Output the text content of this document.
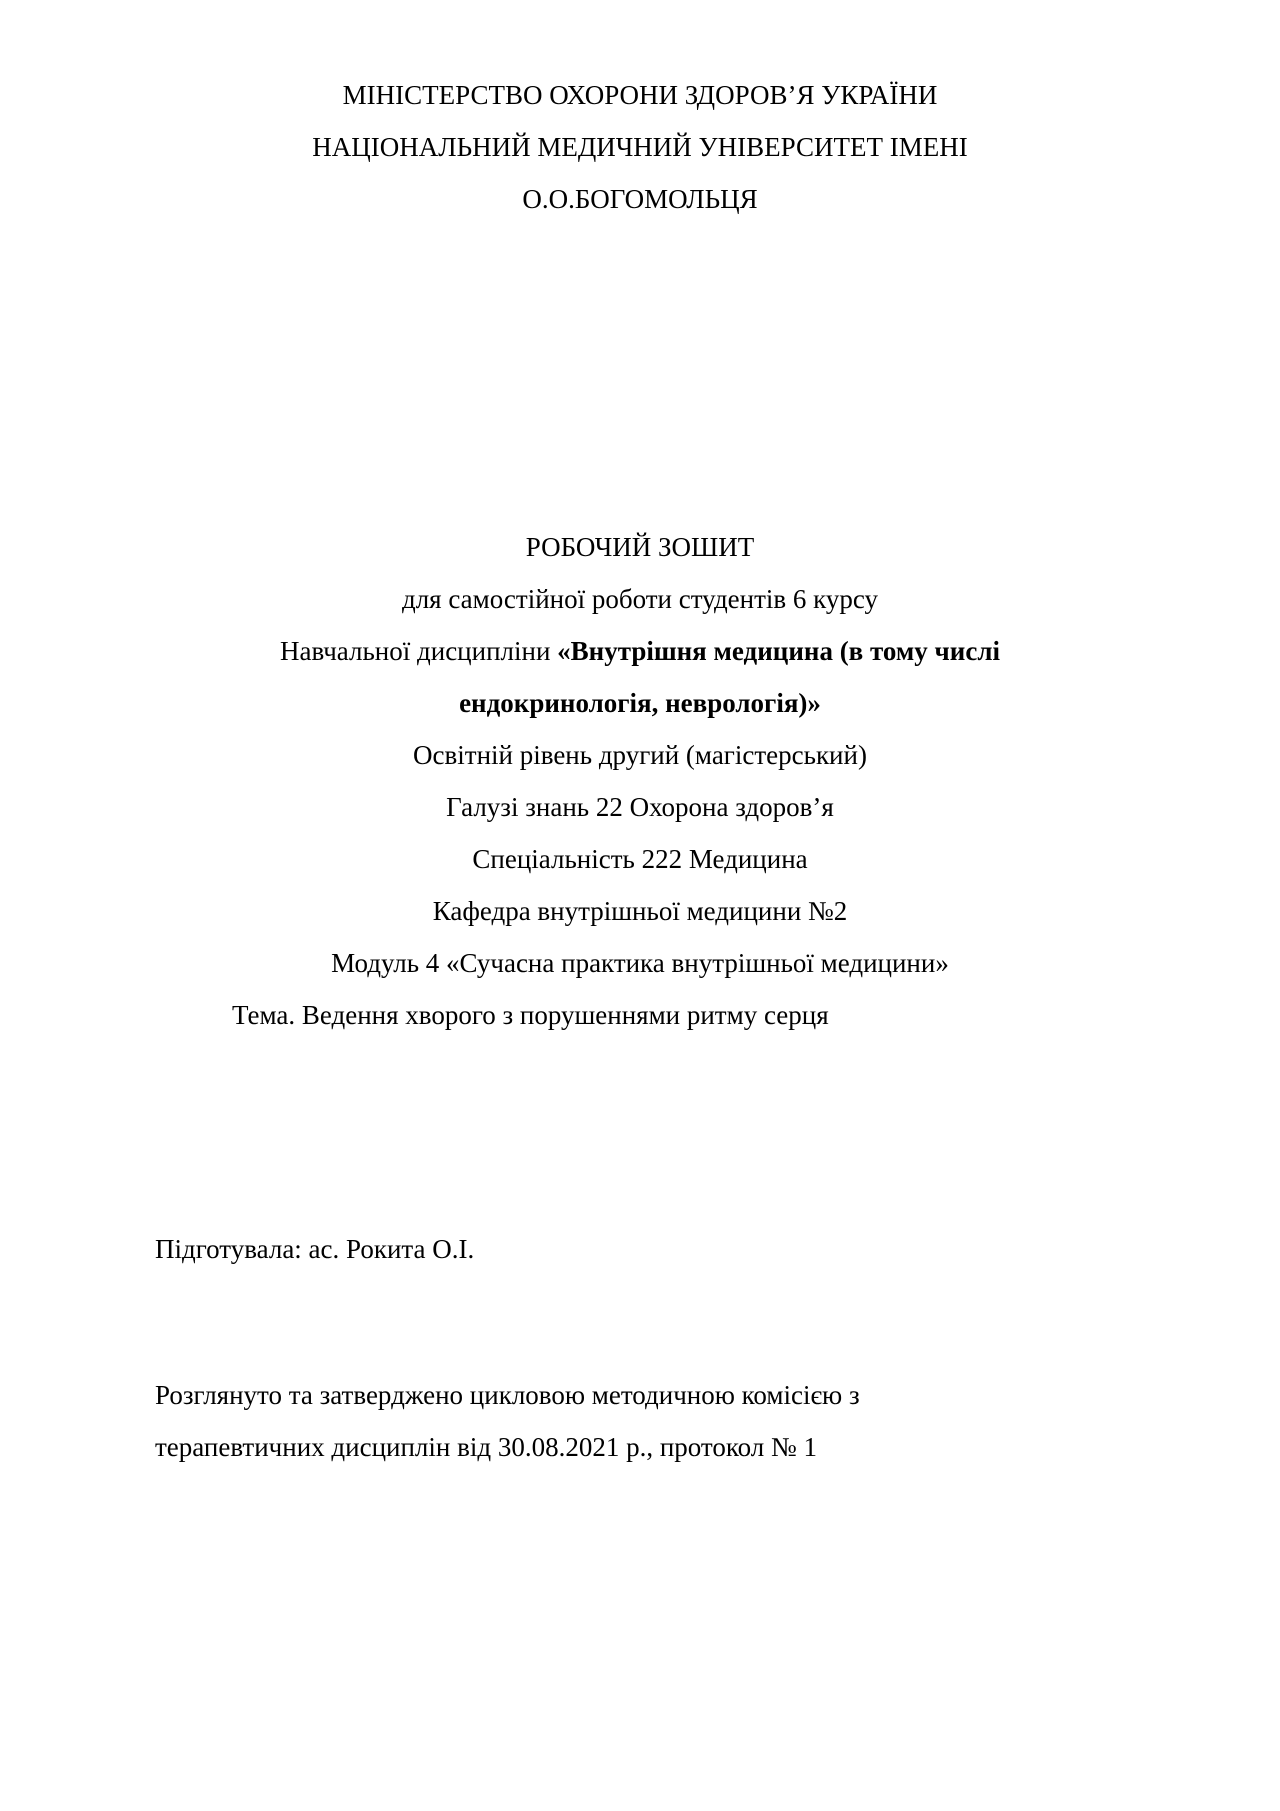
МІНІСТЕРСТВО ОХОРОНИ ЗДОРОВ’Я УКРАЇНИ
НАЦІОНАЛЬНИЙ МЕДИЧНИЙ УНІВЕРСИТЕТ ІМЕНІ
О.О.БОГОМОЛЬЦЯ
РОБОЧИЙ ЗОШИТ
для самостійної роботи студентів 6 курсу
Навчальної дисципліни «Внутрішня медицина (в тому числі
ендокринологія, неврологія)»
Освітній рівень другий (магістерський)
Галузі знань 22 Охорона здоров’я
Спеціальність 222 Медицина
Кафедра внутрішньої медицини №2
Модуль 4 «Сучасна практика внутрішньої медицини»
Тема. Ведення хворого з порушеннями ритму серця
Підготувала: ас. Рокита О.І.
Розглянуто та затверджено цикловою методичною комісією з
терапевтичних дисциплін від 30.08.2021 р., протокол № 1
